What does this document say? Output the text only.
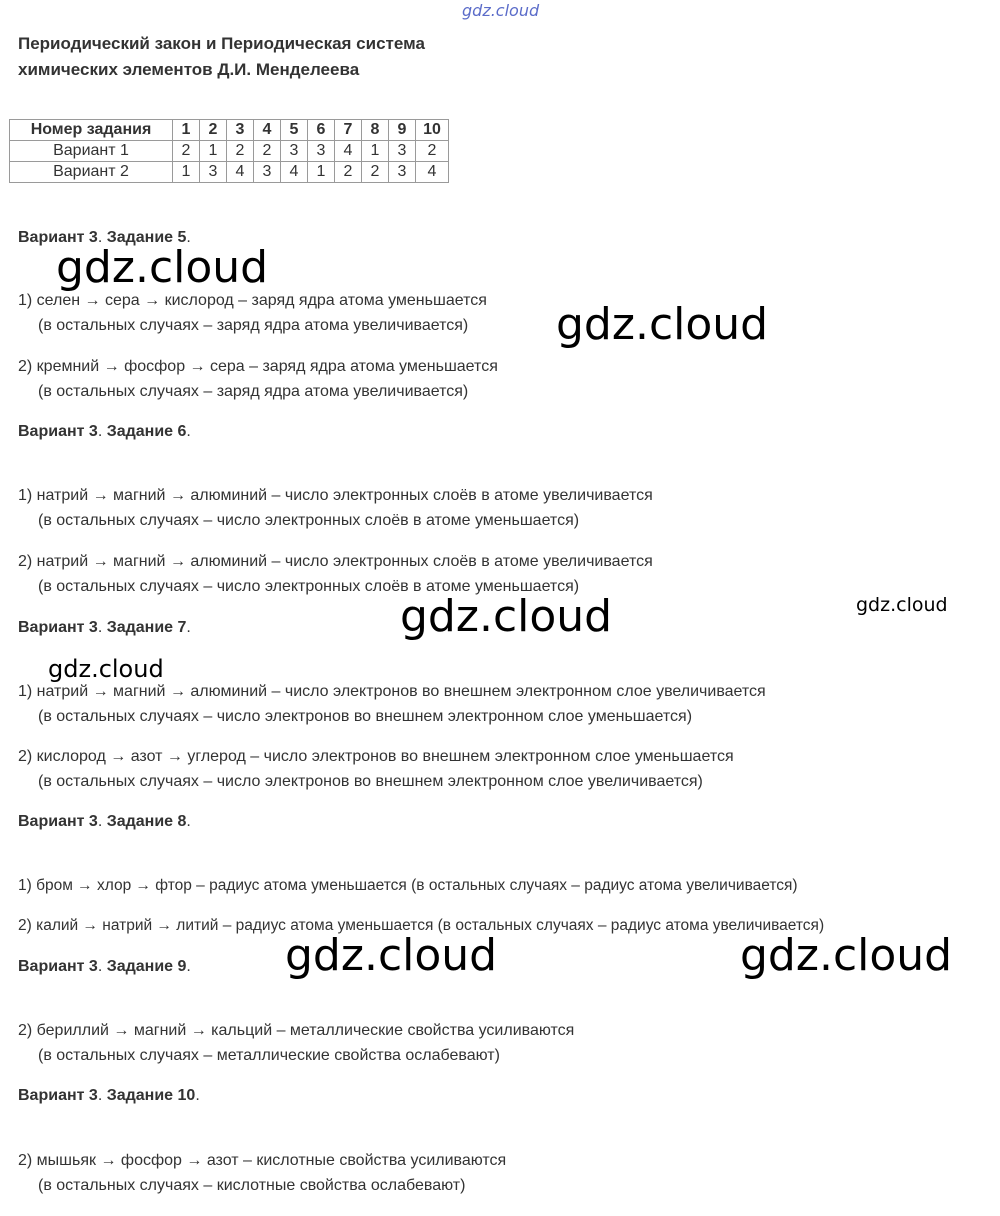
Периодический закон и Периодическая система
химических элементов Д.И. Менделеева
Номер задания	1	2	3	4	5	6	7	8	9	10
Вариант 1	2	1	2	2	3	3	4	1	3	2
Вариант 2	1	3	4	3	4	1	2	2	3	4
Вариант 3. Задание 5.
1) селен → сера → кислород – заряд ядра атома уменьшается
(в остальных случаях – заряд ядра атома увеличивается)
2) кремний → фосфор → сера – заряд ядра атома уменьшается
(в остальных случаях – заряд ядра атома увеличивается)
Вариант 3. Задание 6.
1) натрий → магний → алюминий – число электронных слоёв в атоме увеличивается
(в остальных случаях – число электронных слоёв в атоме уменьшается)
2) натрий → магний → алюминий – число электронных слоёв в атоме увеличивается
(в остальных случаях – число электронных слоёв в атоме уменьшается)
Вариант 3. Задание 7.
1) натрий → магний → алюминий – число электронов во внешнем электронном слое увеличивается
(в остальных случаях – число электронов во внешнем электронном слое уменьшается)
2) кислород → азот → углерод – число электронов во внешнем электронном слое уменьшается
(в остальных случаях – число электронов во внешнем электронном слое увеличивается)
Вариант 3. Задание 8.
1) бром → хлор → фтор – радиус атома уменьшается (в остальных случаях – радиус атома увеличивается)
2) калий → натрий → литий – радиус атома уменьшается (в остальных случаях – радиус атома увеличивается)
Вариант 3. Задание 9.
2) бериллий → магний → кальций – металлические свойства усиливаются
(в остальных случаях – металлические свойства ослабевают)
Вариант 3. Задание 10.
2) мышьяк → фосфор → азот – кислотные свойства усиливаются
(в остальных случаях – кислотные свойства ослабевают)
gdz.cloud
gdz.cloud
gdz.cloud
gdz.cloud	gdz.cloud
gdz.cloud
gdz.cloud	gdz.cloud
